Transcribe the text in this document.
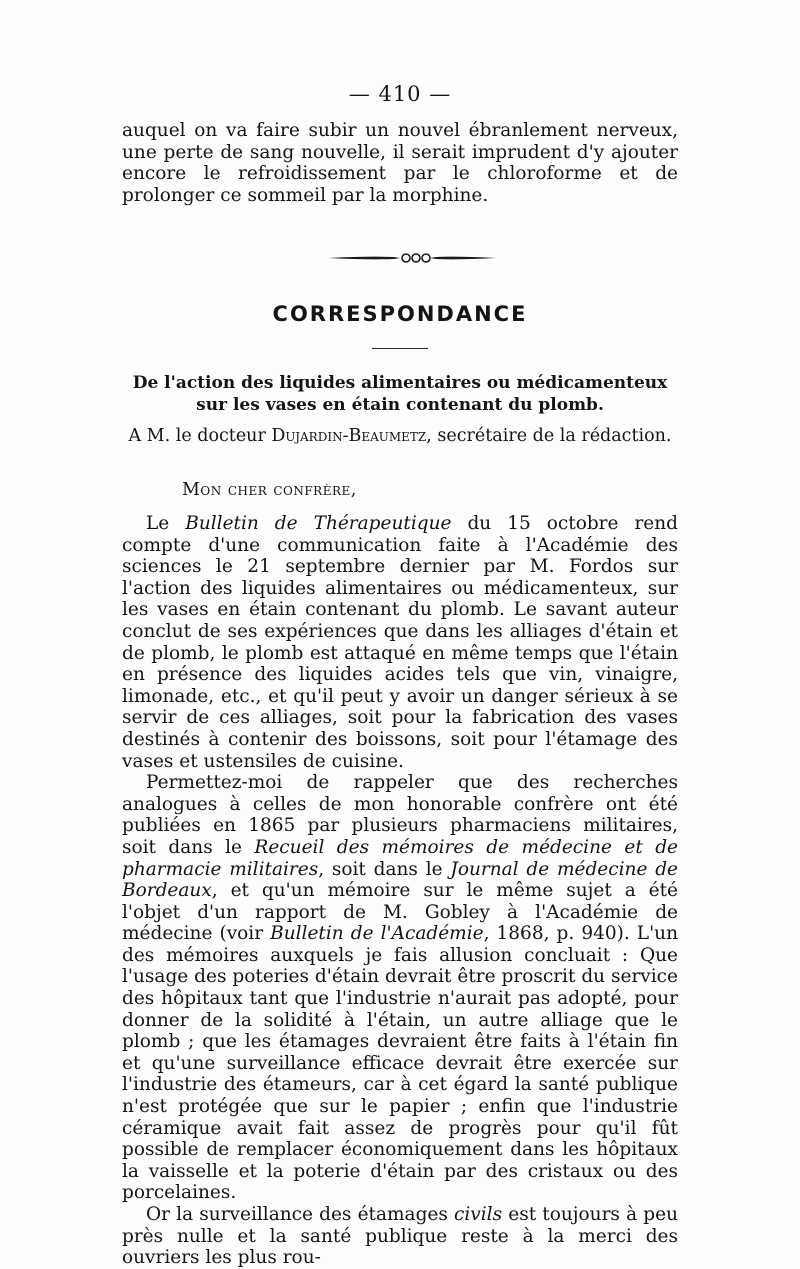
— 410 —

auquel on va faire subir un nouvel ébranlement nerveux, une perte de sang nouvelle, il serait imprudent d'y ajouter encore le refroidissement par le chloroforme et de prolonger ce sommeil par la morphine.

CORRESPONDANCE
De l'action des liquides alimentaires ou médicamenteux sur les vases en étain contenant du plomb.
A M. le docteur Dujardin-Beaumetz, secrétaire de la rédaction.
Mon cher confrère,

Le Bulletin de Thérapeutique du 15 octobre rend compte d'une communication faite à l'Académie des sciences le 21 septembre dernier par M. Fordos sur l'action des liquides alimentaires ou médicamenteux, sur les vases en étain contenant du plomb. Le savant auteur conclut de ses expériences que dans les alliages d'étain et de plomb, le plomb est attaqué en même temps que l'étain en présence des liquides acides tels que vin, vinaigre, limonade, etc., et qu'il peut y avoir un danger sérieux à se servir de ces alliages, soit pour la fabrication des vases destinés à contenir des boissons, soit pour l'étamage des vases et ustensiles de cuisine.

Permettez-moi de rappeler que des recherches analogues à celles de mon honorable confrère ont été publiées en 1865 par plusieurs pharmaciens militaires, soit dans le Recueil des mémoires de médecine et de pharmacie militaires, soit dans le Journal de médecine de Bordeaux, et qu'un mémoire sur le même sujet a été l'objet d'un rapport de M. Gobley à l'Académie de médecine (voir Bulletin de l'Académie, 1868, p. 940). L'un des mémoires auxquels je fais allusion concluait : Que l'usage des poteries d'étain devrait être proscrit du service des hôpitaux tant que l'industrie n'aurait pas adopté, pour donner de la solidité à l'étain, un autre alliage que le plomb ; que les étamages devraient être faits à l'étain fin et qu'une surveillance efficace devrait être exercée sur l'industrie des étameurs, car à cet égard la santé publique n'est protégée que sur le papier ; enfin que l'industrie céramique avait fait assez de progrès pour qu'il fût possible de remplacer économiquement dans les hôpitaux la vaisselle et la poterie d'étain par des cristaux ou des porcelaines.

Or la surveillance des étamages civils est toujours à peu près nulle et la santé publique reste à la merci des ouvriers les plus rou-
